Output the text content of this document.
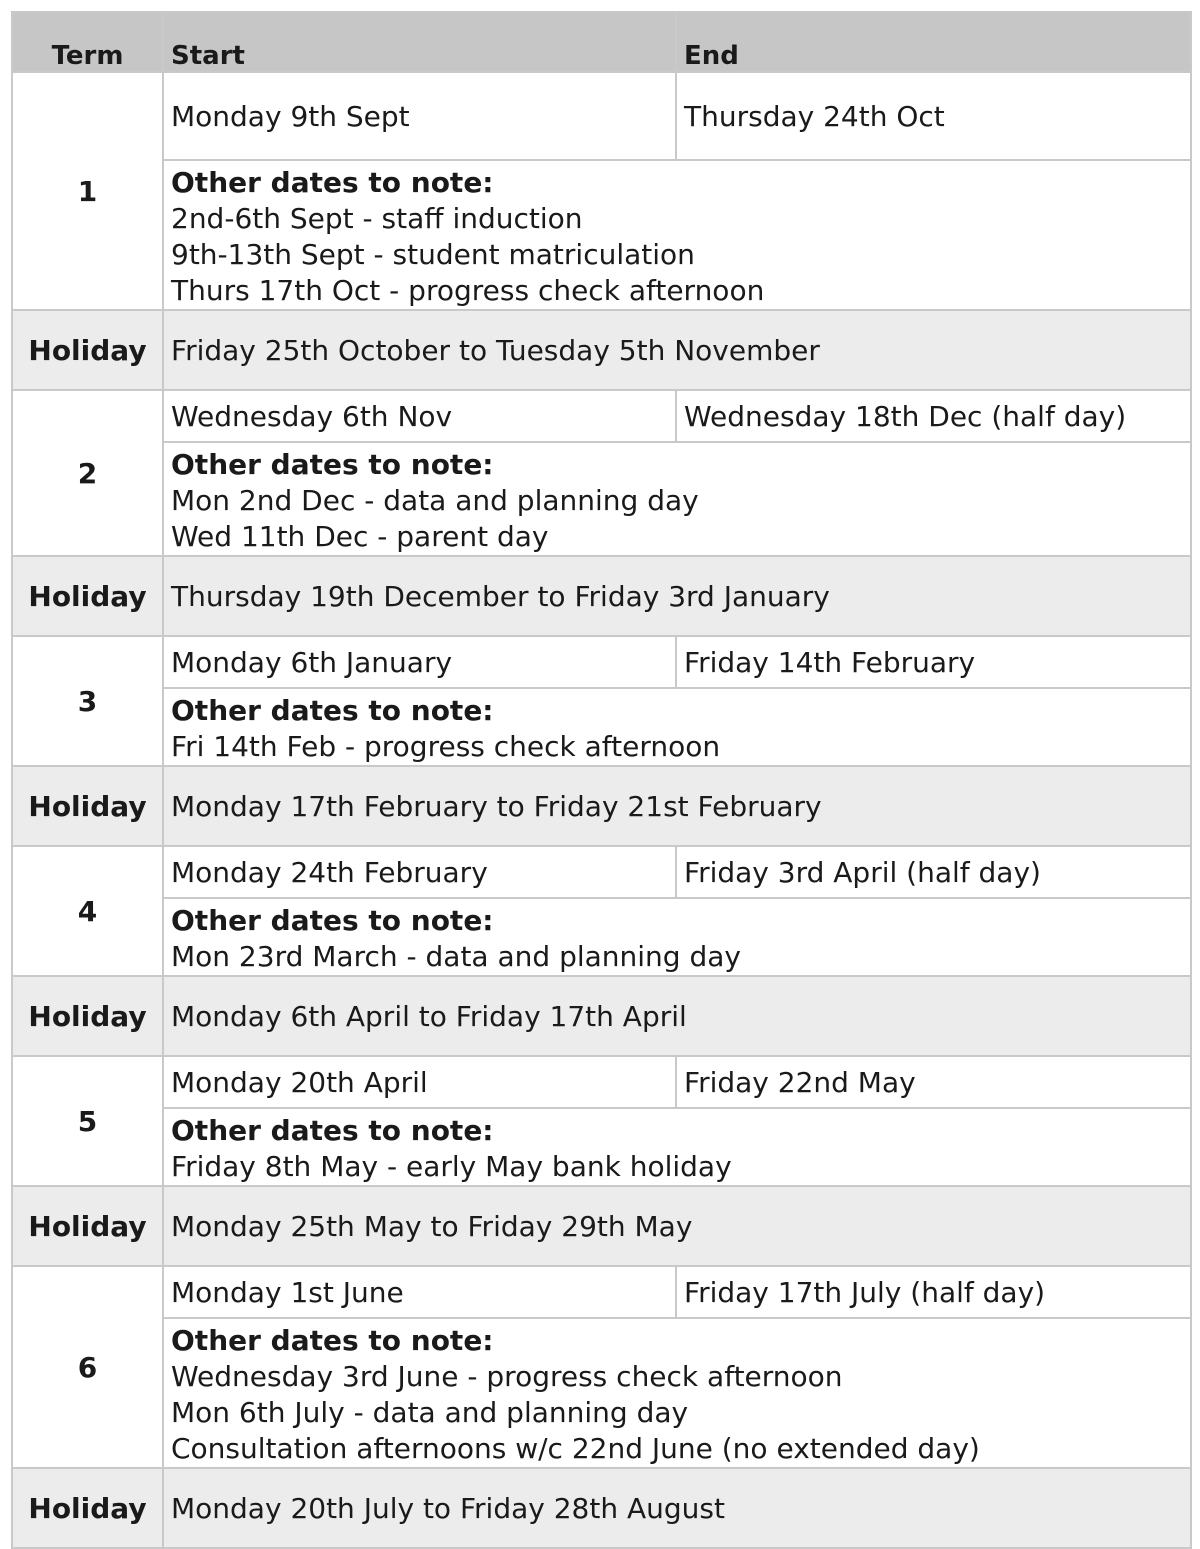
Term	Start	End
1	Monday 9th Sept	Thursday 24th Oct

	Other dates to note:
2nd-6th Sept - staff induction
9th-13th Sept - student matriculation
Thurs 17th Oct - progress check afternoon	

Holiday	Friday 25th October to Tuesday 5th November	
2	Wednesday 6th Nov	Wednesday 18th Dec (half day)

	Other dates to note:
Mon 2nd Dec - data and planning day
Wed 11th Dec - parent day	

Holiday	Thursday 19th December to Friday 3rd January	
3	Monday 6th January	Friday 14th February

	Other dates to note:
Fri 14th Feb - progress check afternoon	

Holiday	Monday 17th February to Friday 21st February	
4	Monday 24th February	Friday 3rd April (half day)

	Other dates to note:
Mon 23rd March - data and planning day	

Holiday	Monday 6th April to Friday 17th April	
5	Monday 20th April	Friday 22nd May

	Other dates to note:
Friday 8th May - early May bank holiday	

Holiday	Monday 25th May to Friday 29th May	
6	Monday 1st June	Friday 17th July (half day)

	Other dates to note:
Wednesday 3rd June - progress check afternoon
Mon 6th July - data and planning day
Consultation afternoons w/c 22nd June (no extended day)	

Holiday	Monday 20th July to Friday 28th August	
